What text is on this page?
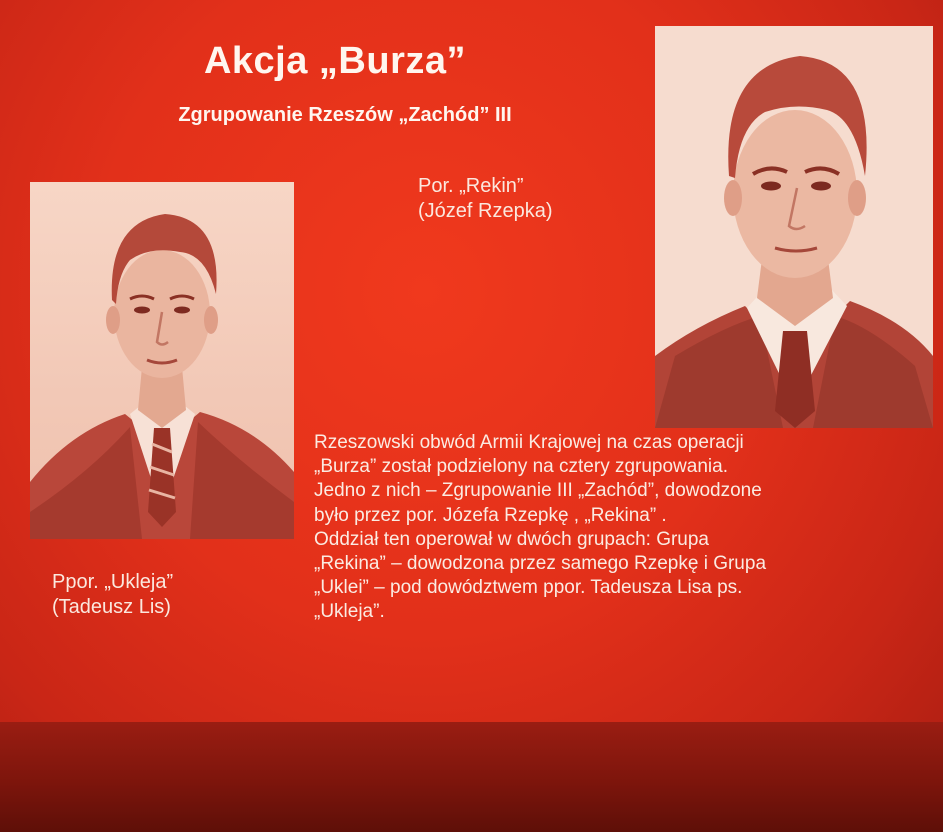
Akcja „Burza”
Zgrupowanie Rzeszów „Zachód” III
Por. „Rekin”
(Józef Rzepka)
Ppor. „Ukleja”
(Tadeusz Lis)
Rzeszowski obwód Armii Krajowej na czas operacji
„Burza” został podzielony na cztery zgrupowania.
Jedno z nich – Zgrupowanie III „Zachód”, dowodzone
było przez por. Józefa Rzepkę , „Rekina” .
Oddział ten operował w dwóch grupach: Grupa
„Rekina” – dowodzona przez samego Rzepkę i Grupa
„Uklei” – pod dowództwem ppor. Tadeusza Lisa ps.
„Ukleja”.
